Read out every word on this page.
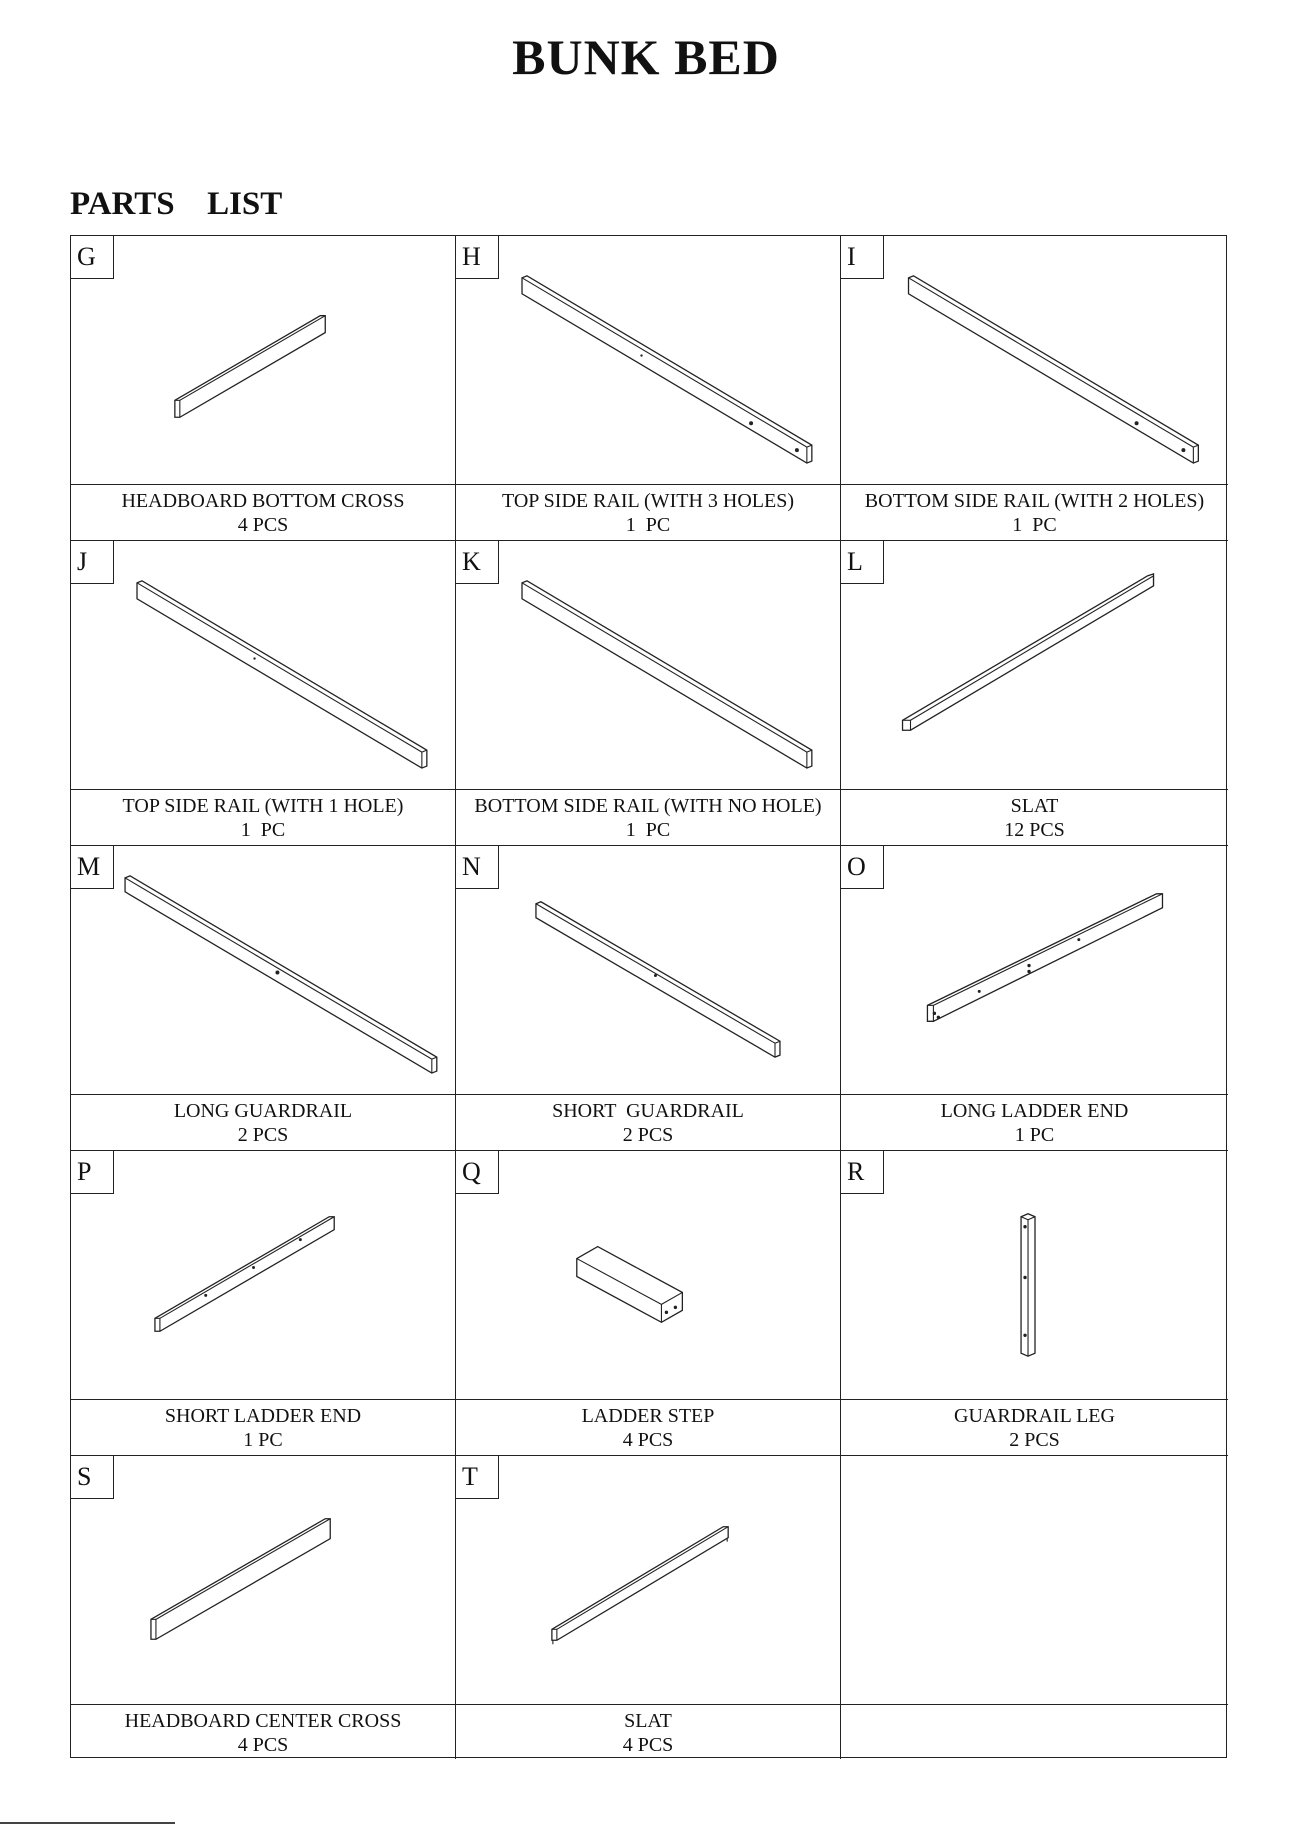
BUNK BED
PARTS  LIST
G
HEADBOARD BOTTOM CROSS
4 PCS
H
TOP SIDE RAIL (WITH 3 HOLES)
1  PC
I
BOTTOM SIDE RAIL (WITH 2 HOLES)
1  PC
J
TOP SIDE RAIL (WITH 1 HOLE)
1  PC
K
BOTTOM SIDE RAIL (WITH NO HOLE)
1  PC
L
SLAT
12 PCS
M
LONG GUARDRAIL
2 PCS
N
SHORT  GUARDRAIL
2 PCS
O
LONG LADDER END
1 PC
P
SHORT LADDER END
1 PC
Q
LADDER STEP
4 PCS
R
GUARDRAIL LEG
2 PCS
S
HEADBOARD CENTER CROSS
4 PCS
T
SLAT
4 PCS
